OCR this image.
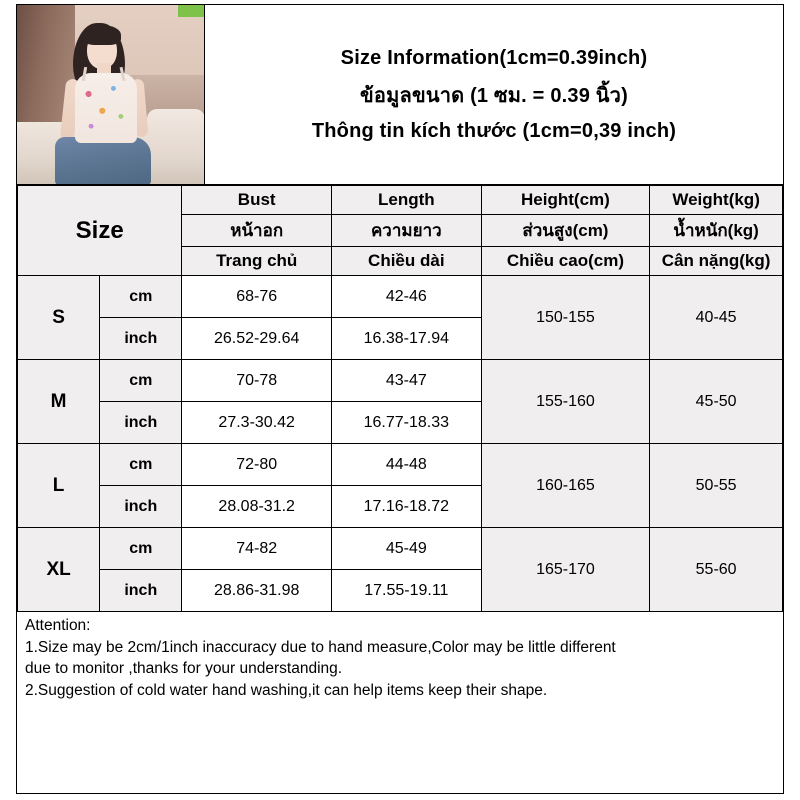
Size Information(1cm=0.39inch)
ข้อมูลขนาด (1 ซม. = 0.39 นิ้ว)
Thông tin kích thước (1cm=0,39 inch)
Size		Bust	Length	Height(cm)	Weight(kg)
		หน้าอก	ความยาว	ส่วนสูง(cm)	น้ำหนัก(kg)
		Trang chủ	Chiều dài	Chiều cao(cm)	Cân nặng(kg)
S	cm	68-76	42-46	150-155	40-45
	inch	26.52-29.64	16.38-17.94		
M	cm	70-78	43-47	155-160	45-50
	inch	27.3-30.42	16.77-18.33		
L	cm	72-80	44-48	160-165	50-55
	inch	28.08-31.2	17.16-18.72		
XL	cm	74-82	45-49	165-170	55-60
	inch	28.86-31.98	17.55-19.11		

Attention:

1.Size may be 2cm/1inch inaccuracy due to hand measure,Color may be little different

due to monitor ,thanks for your understanding.

2.Suggestion of cold water hand washing,it can help items keep their shape.
